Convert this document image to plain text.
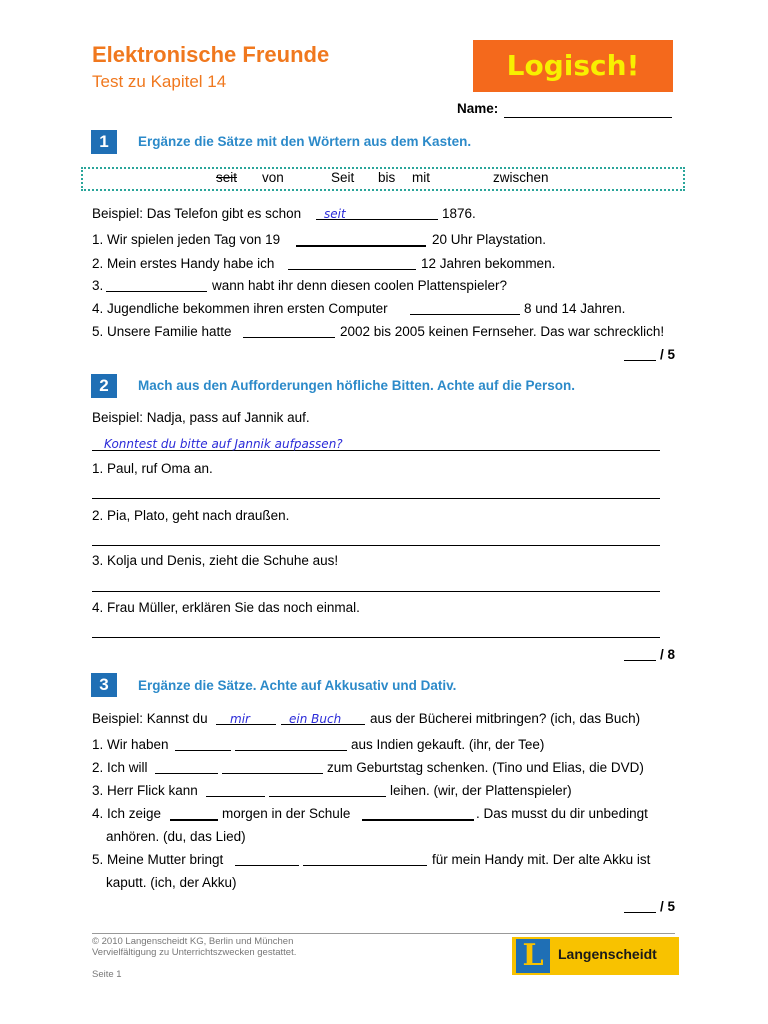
Elektronische Freunde
Test zu Kapitel 14	Logisch!
Name:
1	Ergänze die Sätze mit den Wörtern aus dem Kasten.
seit von	Seit bis mit	zwischen
Beispiel: Das Telefon gibt es schon seit	1876.
1. Wir spielen jeden Tag von 19	20 Uhr Playstation.
2. Mein erstes Handy habe ich	12 Jahren bekommen.
3.	wann habt ihr denn diesen coolen Plattenspieler?
4. Jugendliche bekommen ihren ersten Computer	8 und 14 Jahren.
5. Unsere Familie hatte	2002 bis 2005 keinen Fernseher. Das war schrecklich!
/ 5
2	Mach aus den Aufforderungen höfliche Bitten. Achte auf die Person.
Beispiel: Nadja, pass auf Jannik auf.
Konntest du bitte auf Jannik aufpassen?
1. Paul, ruf Oma an.
2. Pia, Plato, geht nach draußen.
3. Kolja und Denis, zieht die Schuhe aus!
4. Frau Müller, erklären Sie das noch einmal.
/ 8
3	Ergänze die Sätze. Achte auf Akkusativ und Dativ.
Beispiel: Kannst du mir	ein Buch aus der Bücherei mitbringen? (ich, das Buch)
1. Wir haben	aus Indien gekauft. (ihr, der Tee)
2. Ich will	zum Geburtstag schenken. (Tino und Elias, die DVD)
3. Herr Flick kann	leihen. (wir, der Plattenspieler)
4. Ich zeige	morgen in der Schule	. Das musst du dir unbedingt
anhören. (du, das Lied)
5. Meine Mutter bringt	für mein Handy mit. Der alte Akku ist
kaputt. (ich, der Akku)
/ 5
© 2010 Langenscheidt KG, Berlin und München
Vervielfältigung zu Unterrichtszwecken gestattet.
Seite 1
L	Langenscheidt
